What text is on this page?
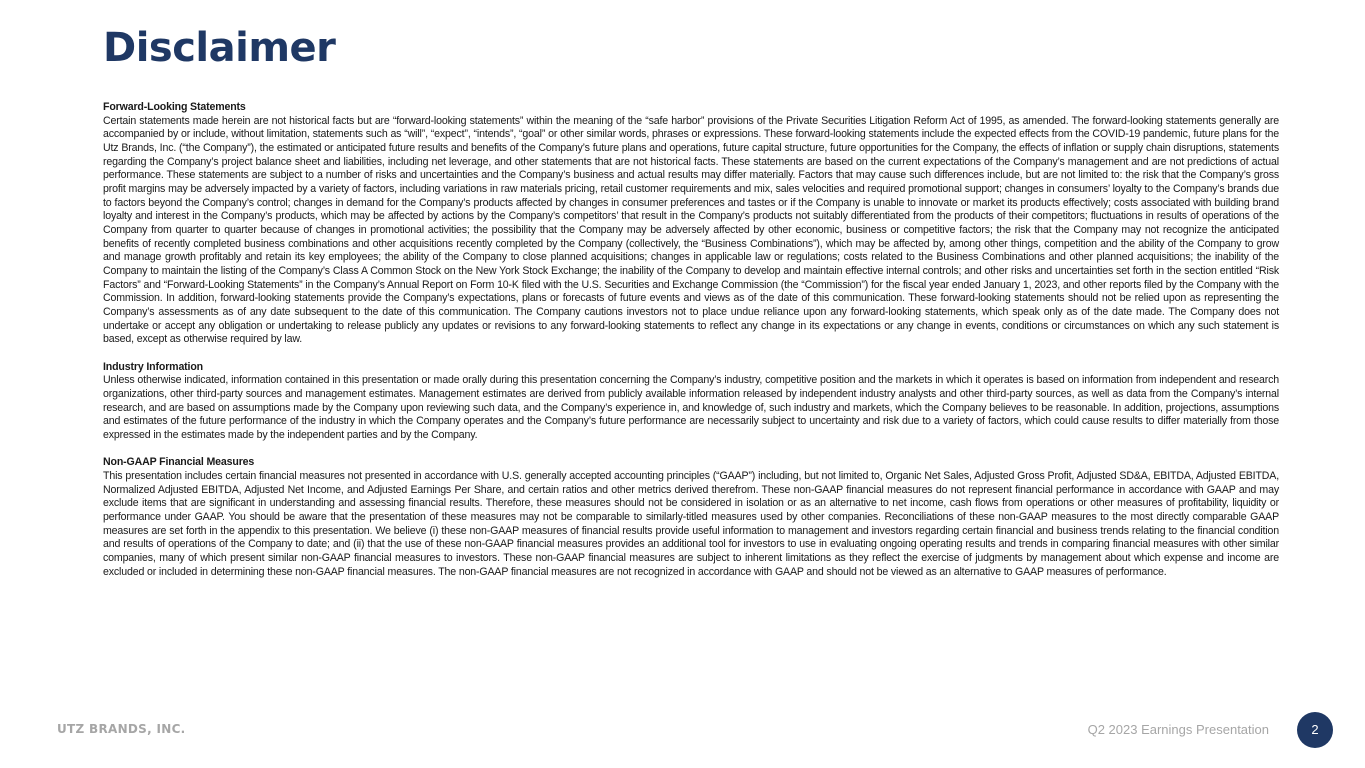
Disclaimer
Forward-Looking Statements

Certain statements made herein are not historical facts but are “forward-looking statements” within the meaning of the “safe harbor” provisions of the Private Securities Litigation Reform Act of 1995, as amended. The forward-looking statements generally are accompanied by or include, without limitation, statements such as “will”, “expect”, “intends”, “goal” or other similar words, phrases or expressions. These forward-looking statements include the expected effects from the COVID-19 pandemic, future plans for the Utz Brands, Inc. (“the Company”), the estimated or anticipated future results and benefits of the Company’s future plans and operations, future capital structure, future opportunities for the Company, the effects of inflation or supply chain disruptions, statements regarding the Company’s project balance sheet and liabilities, including net leverage, and other statements that are not historical facts. These statements are based on the current expectations of the Company’s management and are not predictions of actual performance. These statements are subject to a number of risks and uncertainties and the Company’s business and actual results may differ materially. Factors that may cause such differences include, but are not limited to: the risk that the Company’s gross profit margins may be adversely impacted by a variety of factors, including variations in raw materials pricing, retail customer requirements and mix, sales velocities and required promotional support; changes in consumers’ loyalty to the Company’s brands due to factors beyond the Company’s control; changes in demand for the Company’s products affected by changes in consumer preferences and tastes or if the Company is unable to innovate or market its products effectively; costs associated with building brand loyalty and interest in the Company’s products, which may be affected by actions by the Company’s competitors’ that result in the Company’s products not suitably differentiated from the products of their competitors; fluctuations in results of operations of the Company from quarter to quarter because of changes in promotional activities; the possibility that the Company may be adversely affected by other economic, business or competitive factors; the risk that the Company may not recognize the anticipated benefits of recently completed business combinations and other acquisitions recently completed by the Company (collectively, the “Business Combinations”), which may be affected by, among other things, competition and the ability of the Company to grow and manage growth profitably and retain its key employees; the ability of the Company to close planned acquisitions; changes in applicable law or regulations; costs related to the Business Combinations and other planned acquisitions; the inability of the Company to maintain the listing of the Company’s Class A Common Stock on the New York Stock Exchange; the inability of the Company to develop and maintain effective internal controls; and other risks and uncertainties set forth in the section entitled “Risk Factors” and “Forward-Looking Statements” in the Company’s Annual Report on Form 10-K filed with the U.S. Securities and Exchange Commission (the “Commission”) for the fiscal year ended January 1, 2023, and other reports filed by the Company with the Commission. In addition, forward-looking statements provide the Company’s expectations, plans or forecasts of future events and views as of the date of this communication. These forward-looking statements should not be relied upon as representing the Company’s assessments as of any date subsequent to the date of this communication. The Company cautions investors not to place undue reliance upon any forward-looking statements, which speak only as of the date made. The Company does not undertake or accept any obligation or undertaking to release publicly any updates or revisions to any forward-looking statements to reflect any change in its expectations or any change in events, conditions or circumstances on which any such statement is based, except as otherwise required by law.

Industry Information

Unless otherwise indicated, information contained in this presentation or made orally during this presentation concerning the Company’s industry, competitive position and the markets in which it operates is based on information from independent and research organizations, other third-party sources and management estimates. Management estimates are derived from publicly available information released by independent industry analysts and other third-party sources, as well as data from the Company’s internal research, and are based on assumptions made by the Company upon reviewing such data, and the Company’s experience in, and knowledge of, such industry and markets, which the Company believes to be reasonable. In addition, projections, assumptions and estimates of the future performance of the industry in which the Company operates and the Company’s future performance are necessarily subject to uncertainty and risk due to a variety of factors, which could cause results to differ materially from those expressed in the estimates made by the independent parties and by the Company.

Non-GAAP Financial Measures

This presentation includes certain financial measures not presented in accordance with U.S. generally accepted accounting principles (“GAAP”) including, but not limited to, Organic Net Sales, Adjusted Gross Profit, Adjusted SD&A, EBITDA, Adjusted EBITDA, Normalized Adjusted EBITDA, Adjusted Net Income, and Adjusted Earnings Per Share, and certain ratios and other metrics derived therefrom. These non-GAAP financial measures do not represent financial performance in accordance with GAAP and may exclude items that are significant in understanding and assessing financial results. Therefore, these measures should not be considered in isolation or as an alternative to net income, cash flows from operations or other measures of profitability, liquidity or performance under GAAP. You should be aware that the presentation of these measures may not be comparable to similarly-titled measures used by other companies. Reconciliations of these non-GAAP measures to the most directly comparable GAAP measures are set forth in the appendix to this presentation. We believe (i) these non-GAAP measures of financial results provide useful information to management and investors regarding certain financial and business trends relating to the financial condition and results of operations of the Company to date; and (ii) that the use of these non-GAAP financial measures provides an additional tool for investors to use in evaluating ongoing operating results and trends in comparing financial measures with other similar companies, many of which present similar non-GAAP financial measures to investors. These non-GAAP financial measures are subject to inherent limitations as they reflect the exercise of judgments by management about which expense and income are excluded or included in determining these non-GAAP financial measures. The non-GAAP financial measures are not recognized in accordance with GAAP and should not be viewed as an alternative to GAAP measures of performance.

UTZ BRANDS, INC.	Q2 2023 Earnings Presentation	2
